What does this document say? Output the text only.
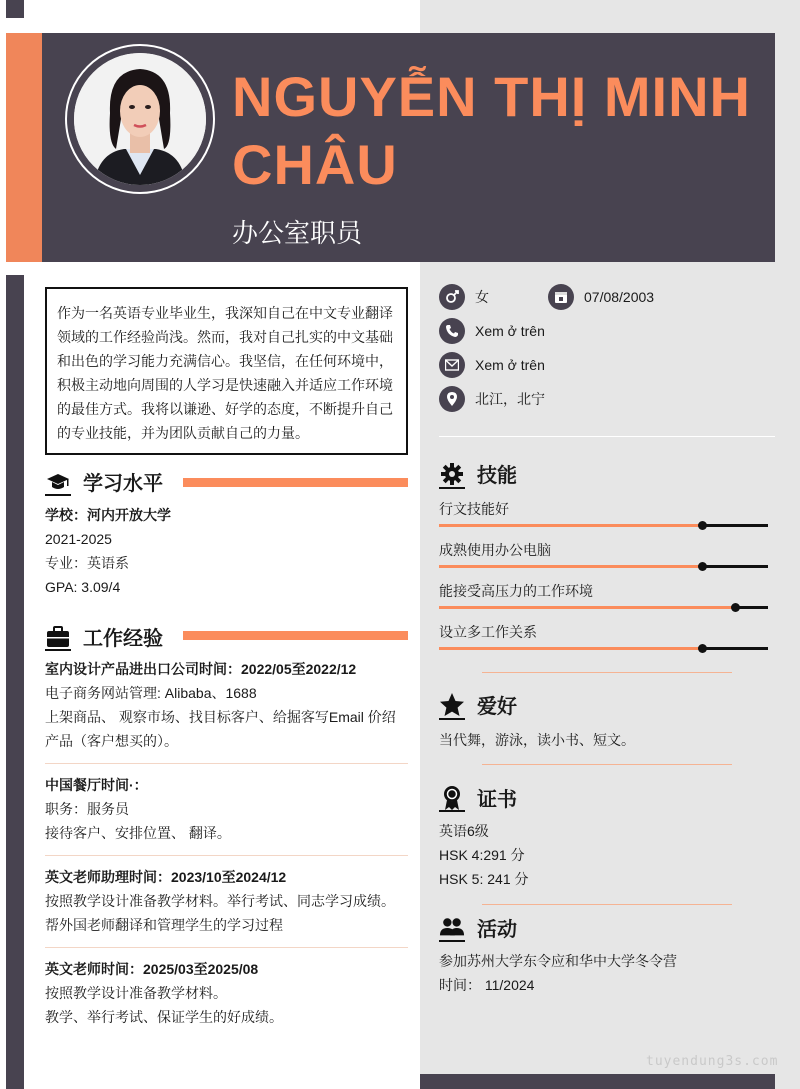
NGUYỄN THỊ MINH CHÂU
办公室职员
作为一名英语专业毕业生，我深知自己在中文专业翻译领域的工作经验尚浅。然而，我对自己扎实的中文基础和出色的学习能力充满信心。我坚信，在任何环境中，积极主动地向周围的人学习是快速融入并适应工作环境的最佳方式。我将以谦逊、好学的态度，不断提升自己的专业技能，并为团队贡献自己的力量。
学习水平
学校：河内开放大学
2021-2025
专业：英语系
GPA: 3.09/4
工作经验
室内设计产品进出口公司时间：2022/05至2022/12
电子商务网站管理: Alibaba、1688
上架商品、 观察市场、找目标客户、给掘客写Email 价绍
产品（客户想买的）。
中国餐厅时间·：
职务：服务员
接待客户、安排位置、 翻译。
英文老师助理时间：2023/10至2024/12
按照教学设计准备教学材料。举行考试、同志学习成绩。
帮外国老师翻译和管理学生的学习过程
英文老师时间：2025/03至2025/08
按照教学设计准备教学材料。
教学、举行考试、保证学生的好成绩。
女	07/08/2003
Xem ở trên
Xem ở trên
北江，北宁
技能
行文技能好
成熟使用办公电脑
能接受高压力的工作环境
设立多工作关系
爱好
当代舞，游泳，读小书、短文。
证书
英语6级
HSK 4:291 分
HSK 5: 241 分
活动
参加苏州大学东令应和华中大学冬令营
时间： 11/2024
tuyendung3s.com
